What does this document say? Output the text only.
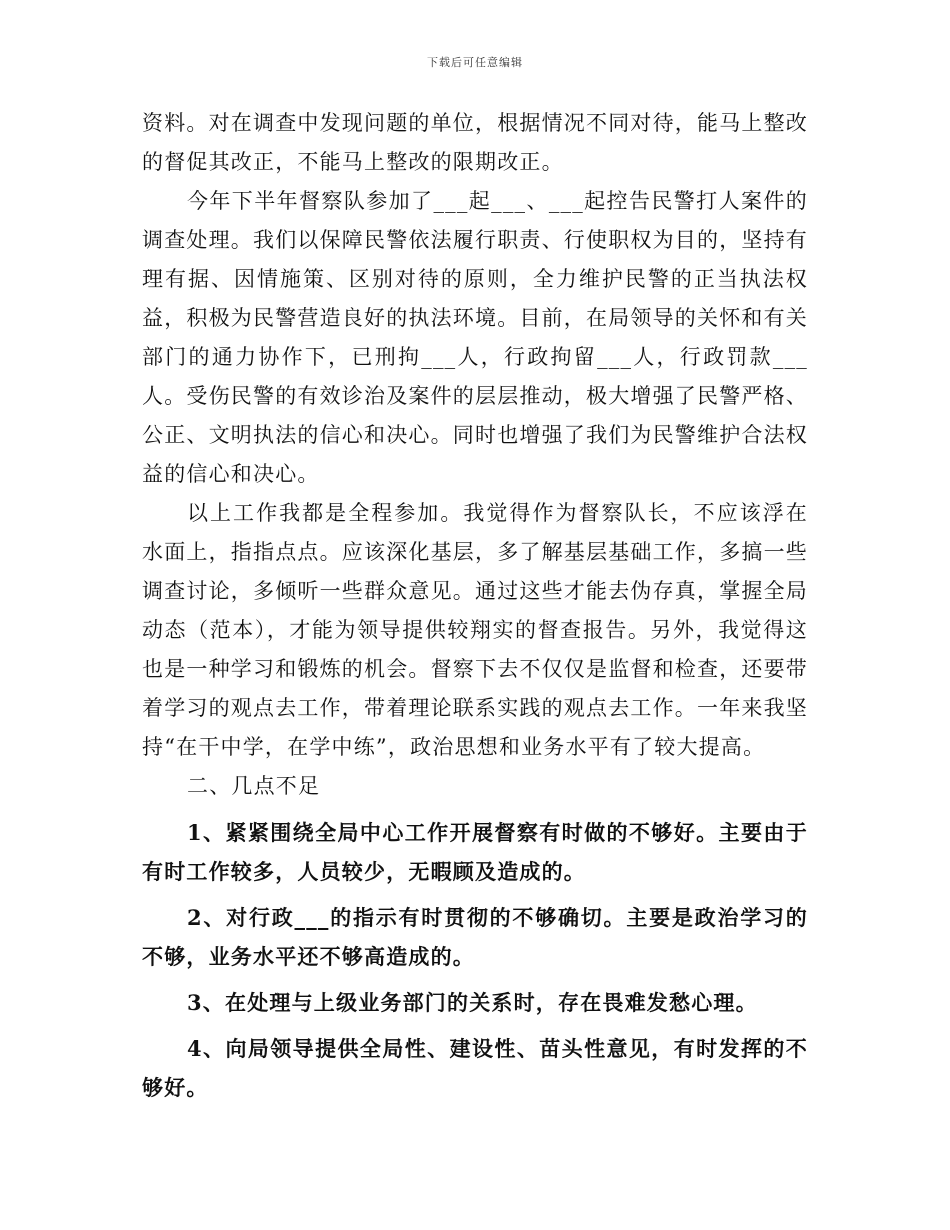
下载后可任意编辑

资料。对在调查中发现问题的单位，根据情况不同对待，能马上整改的督促其改正，不能马上整改的限期改正。

今年下半年督察队参加了___起___、___起控告民警打人案件的调查处理。我们以保障民警依法履行职责、行使职权为目的，坚持有理有据、因情施策、区别对待的原则，全力维护民警的正当执法权益，积极为民警营造良好的执法环境。目前，在局领导的关怀和有关部门的通力协作下，已刑拘___人，行政拘留___人，行政罚款___人。受伤民警的有效诊治及案件的层层推动，极大增强了民警严格、公正、文明执法的信心和决心。同时也增强了我们为民警维护合法权益的信心和决心。

以上工作我都是全程参加。我觉得作为督察队长，不应该浮在水面上，指指点点。应该深化基层，多了解基层基础工作，多搞一些调查讨论，多倾听一些群众意见。通过这些才能去伪存真，掌握全局动态（范本），才能为领导提供较翔实的督查报告。另外，我觉得这也是一种学习和锻炼的机会。督察下去不仅仅是监督和检查，还要带着学习的观点去工作，带着理论联系实践的观点去工作。一年来我坚持“在干中学，在学中练”，政治思想和业务水平有了较大提高。

二、几点不足

1、紧紧围绕全局中心工作开展督察有时做的不够好。主要由于有时工作较多，人员较少，无暇顾及造成的。

2、对行政___的指示有时贯彻的不够确切。主要是政治学习的不够，业务水平还不够高造成的。

3、在处理与上级业务部门的关系时，存在畏难发愁心理。

4、向局领导提供全局性、建设性、苗头性意见，有时发挥的不够好。
